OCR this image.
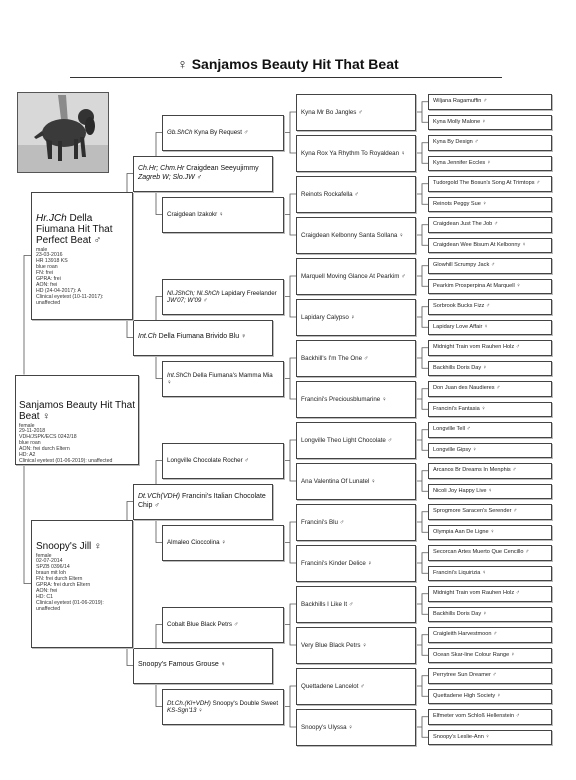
♀ Sanjamos Beauty Hit That Beat
Wiljana Ragamuffin ♂
Kyna Molly Malone ♀
Kyna By Design ♂
Kyna Jennifer Eccles ♀
Tudorgold The Bosun's Song At Trimtops ♂
Reinots Peggy Sue ♀
Craigdean Just The Job ♂
Craigdean Wee Bisum At Kelbonny ♀
Glowhill Scrumpy Jack ♂
Pearkim Prosperpina At Marquell ♀
Sorbrook Bucks Fizz ♂
Lapidary Love Affair ♀
Midnight Train vom Rauhen Holz ♂
Backhills Doris Day ♀
Don Juan des Naudieres ♂
Francini's Fantasia ♀
Longville Tell ♂
Longville Gipsy ♀
Arcanos Br Dreams In Menphis ♂
Nicoli Joy Happy Live ♀
Sprogmore Saracen's Serender ♂
Olympia Aan De Ligne ♀
Secorcan Artes Muerto Que Cencillo ♂
Francini's Liquirizia ♀
Midnight Train vom Rauhen Holz ♂
Backhills Doris Day ♀
Craigleith Harvestmoon ♂
Ocean Skar-line Colour Range ♀
Perrytree Sun Dreamer ♂
Quettadene High Society ♀
Elfmeter vom Schloß Hellenstein ♂
Snoopy's Leslie-Ann ♀
Kyna Mr Bo Jangles ♂
Kyna Rox Ya Rhythm To Royaldean ♀
Reinots Rockafella ♂
Craigdean Kelbonny Santa Sollana ♀
Marquell Moving Glance At Pearkim ♂
Lapidary Calypso ♀
Backhill's I'm The One ♂
Francini's Preciousblumarine ♀
Longville Theo Light Chocolate ♂
Ana Valentina Of Lunatel ♀
Francini's Blu ♂
Francini's Kinder Delice ♀
Backhills I Like It ♂
Very Blue Black Petrs ♀
Quettadene Lancelot ♂
Snoopy's Ulyssa ♀
Gb.ShCh Kyna By Request ♂
Craigdean Izakokr ♀
Nl.JShCh; Nl.ShCh Lapidary Freelander JW'07; W'09 ♂
Int.ShCh Della Fiumana's Mamma Mia ♀
Longville Chocolate Rocher ♂
Almaleo Cioccolina ♀
Cobalt Blue Black Petrs ♂
Dt.Ch.(Kl+VDH) Snoopy's Double Sweet KS-Sgn'13 ♀
Ch.Hr; Chm.Hr Craigdean Seeyujimmy Zagreb W; Slo.JW ♂
Int.Ch Della Fiumana Brivido Blu ♀
Dt.VCh(VDH) Francini's Italian Chocolate Chip ♂
Snoopy's Famous Grouse ♀
Hr.JCh Della Fiumana Hit That Perfect Beat ♂
male
23-03-2016
HR 13918 KS
blue roan
FN: frei
GPRA: frei
AON: frei
HD (24-04-2017): A
Clinical eyetest (10-11-2017): unaffected
Snoopy's Jill ♀
female
02-07-2014
SPZB 0396/14
braun mit loh
FN: frei durch Eltern
GPRA: frei durch Eltern
AON: frei
HD: C1
Clinical eyetest (01-06-2019): unaffected
Sanjamos Beauty Hit That Beat ♀
female
29-11-2018
VDH/JSPK/ECS 0242/18
blue roan
AON: frei durch Eltern
HD: A2
Clinical eyetest (01-06-2019): unaffected
